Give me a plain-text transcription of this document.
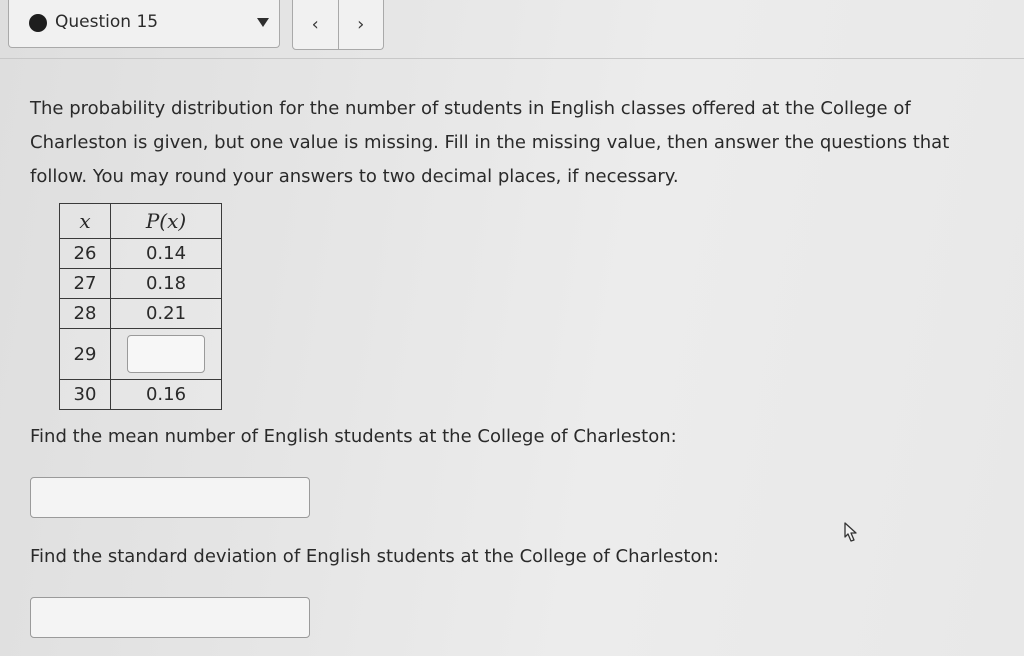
Question 15	‹	›
The probability distribution for the number of students in English classes offered at the College of
Charleston is given, but one value is missing. Fill in the missing value, then answer the questions that
follow. You may round your answers to two decimal places, if necessary.
x	P(x)
26	0.14
27	0.18
28	0.21
29	

30	0.16
Find the mean number of English students at the College of Charleston:
Find the standard deviation of English students at the College of Charleston:
